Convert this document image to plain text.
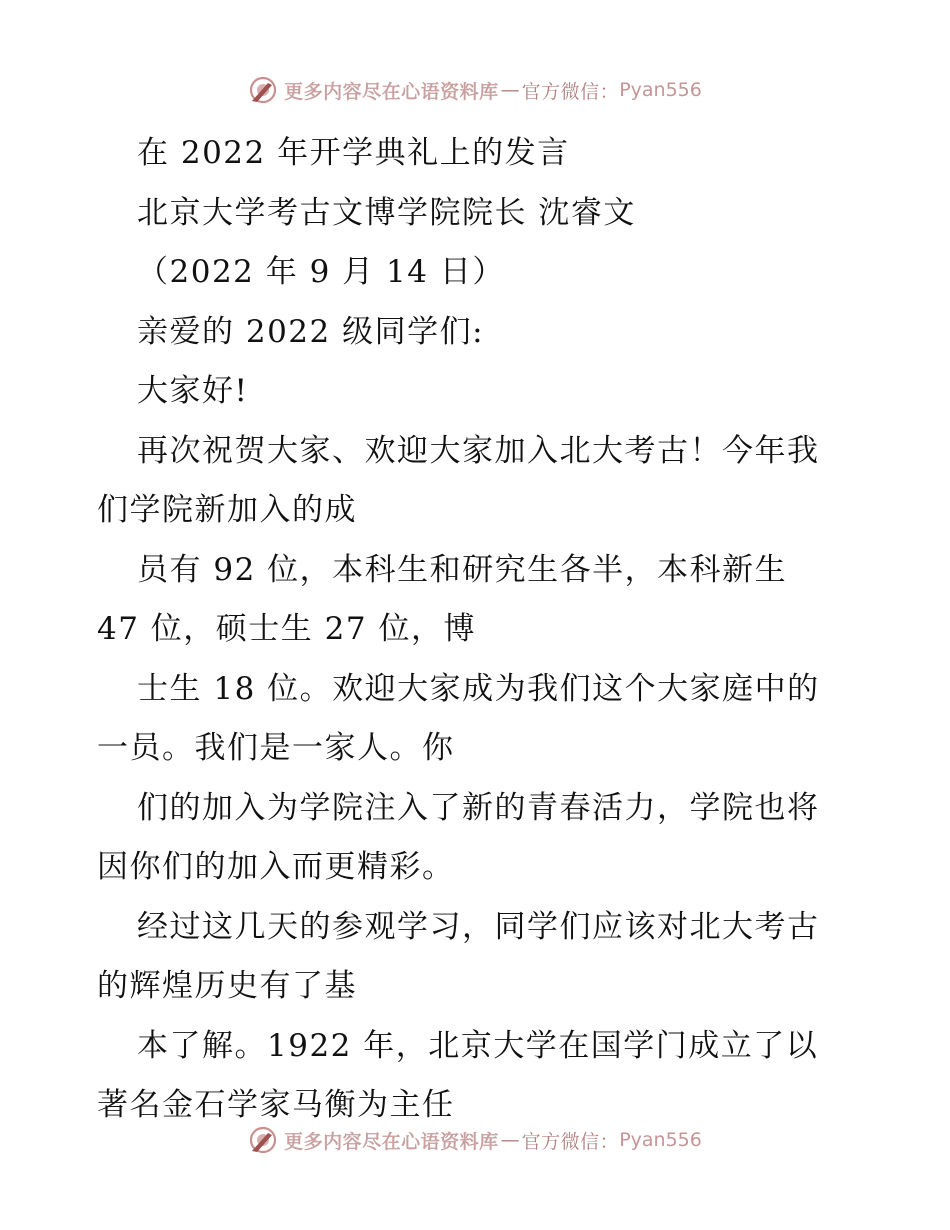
更多内容尽在心语资料库 — 官方微信： Pyan556
在 2022 年开学典礼上的发言
北京大学考古文博学院院长 沈睿文
（2022 年 9 月 14 日）
亲爱的 2022 级同学们:
大家好!
再次祝贺大家、欢迎大家加入北大考古！今年我
们学院新加入的成
员有 92 位，本科生和研究生各半，本科新生
47 位，硕士生 27 位，博
士生 18 位。欢迎大家成为我们这个大家庭中的
一员。我们是一家人。你
们的加入为学院注入了新的青春活力，学院也将
因你们的加入而更精彩。
经过这几天的参观学习，同学们应该对北大考古
的辉煌历史有了基
本了解。1922 年，北京大学在国学门成立了以
著名金石学家马衡为主任
更多内容尽在心语资料库 — 官方微信： Pyan556
